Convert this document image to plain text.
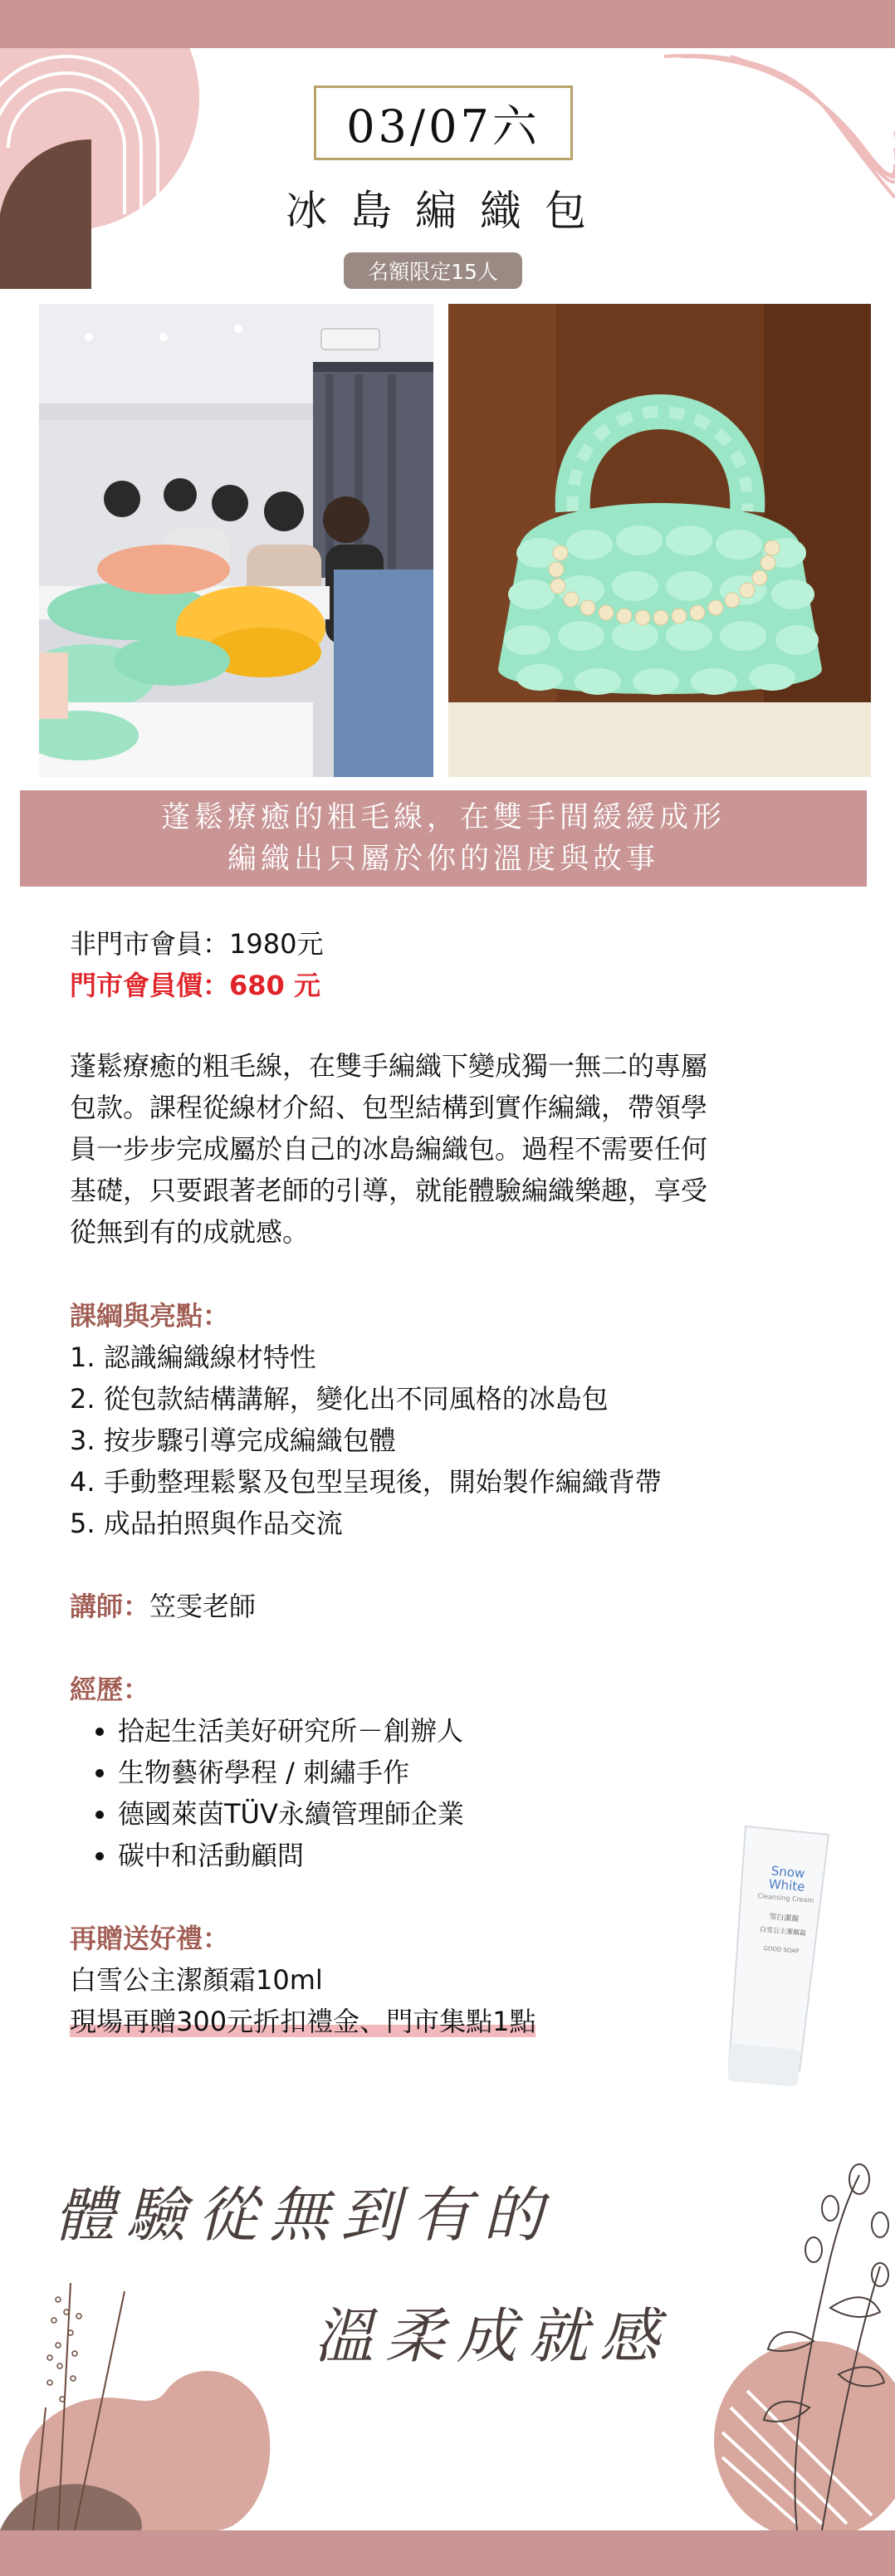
03/07六
冰島編織包
名額限定15人
蓬鬆療癒的粗毛線，在雙手間緩緩成形
編織出只屬於你的溫度與故事
非門市會員：1980元
門市會員價：680 元
蓬鬆療癒的粗毛線，在雙手編織下變成獨一無二的專屬
包款。課程從線材介紹、包型結構到實作編織，帶領學
員一步步完成屬於自己的冰島編織包。過程不需要任何
基礎，只要跟著老師的引導，就能體驗編織樂趣，享受
從無到有的成就感。
課綱與亮點：
1. 認識編織線材特性
2. 從包款結構講解，變化出不同風格的冰島包
3. 按步驟引導完成編織包體
4. 手動整理鬆緊及包型呈現後，開始製作編織背帶
5. 成品拍照與作品交流
講師：笠雯老師
經歷：
• 拾起生活美好研究所－創辦人
• 生物藝術學程 / 刺繡手作
• 德國萊茵TÜV永續管理師企業
• 碳中和活動顧問
再贈送好禮：
白雪公主潔顏霜10ml
現場再贈300元折扣禮金、門市集點1點
Snow
White
Cleansing Cream
雪白潔顏
白雪公主潔顏霜
GOOD SOAP
體驗從無到有的
溫柔成就感
